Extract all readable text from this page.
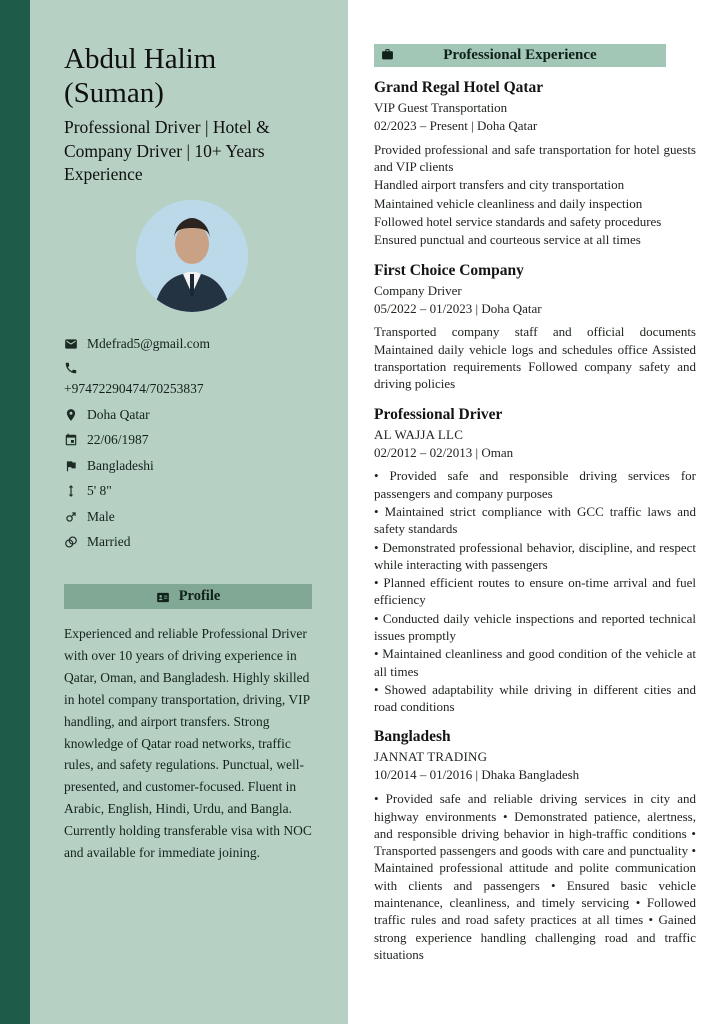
Abdul Halim (Suman)
Professional Driver | Hotel & Company Driver | 10+ Years Experience
Mdefrad5@gmail.com
+97472290474/70253837
Doha Qatar
22/06/1987
Bangladeshi
5' 8"
Male
Married
Profile

Experienced and reliable Professional Driver with over 10 years of driving experience in Qatar, Oman, and Bangladesh. Highly skilled in hotel company transportation, driving, VIP handling, and airport transfers. Strong knowledge of Qatar road networks, traffic rules, and safety regulations. Punctual, well-presented, and customer-focused. Fluent in Arabic, English, Hindi, Urdu, and Bangla. Currently holding transferable visa with NOC and available for immediate joining.

Professional Experience
Grand Regal Hotel Qatar
VIP Guest Transportation
02/2023 – Present | Doha Qatar
Provided professional and safe transportation for hotel guests and VIP clients
Handled airport transfers and city transportation
Maintained vehicle cleanliness and daily inspection
Followed hotel service standards and safety procedures
Ensured punctual and courteous service at all times
First Choice Company
Company Driver
05/2022 – 01/2023 | Doha Qatar
Transported company staff and official documents Maintained daily vehicle logs and schedules office Assisted transportation requirements Followed company safety and driving policies
Professional Driver
AL WAJJA LLC
02/2012 – 02/2013 | Oman
• Provided safe and responsible driving services for passengers and company purposes
• Maintained strict compliance with GCC traffic laws and safety standards
• Demonstrated professional behavior, discipline, and respect while interacting with passengers
• Planned efficient routes to ensure on-time arrival and fuel efficiency
• Conducted daily vehicle inspections and reported technical issues promptly
• Maintained cleanliness and good condition of the vehicle at all times
• Showed adaptability while driving in different cities and road conditions
Bangladesh
JANNAT TRADING
10/2014 – 01/2016 | Dhaka Bangladesh
• Provided safe and reliable driving services in city and highway environments • Demonstrated patience, alertness, and responsible driving behavior in high-traffic conditions • Transported passengers and goods with care and punctuality • Maintained professional attitude and polite communication with clients and passengers • Ensured basic vehicle maintenance, cleanliness, and timely servicing • Followed traffic rules and road safety practices at all times • Gained strong experience handling challenging road and traffic situations
